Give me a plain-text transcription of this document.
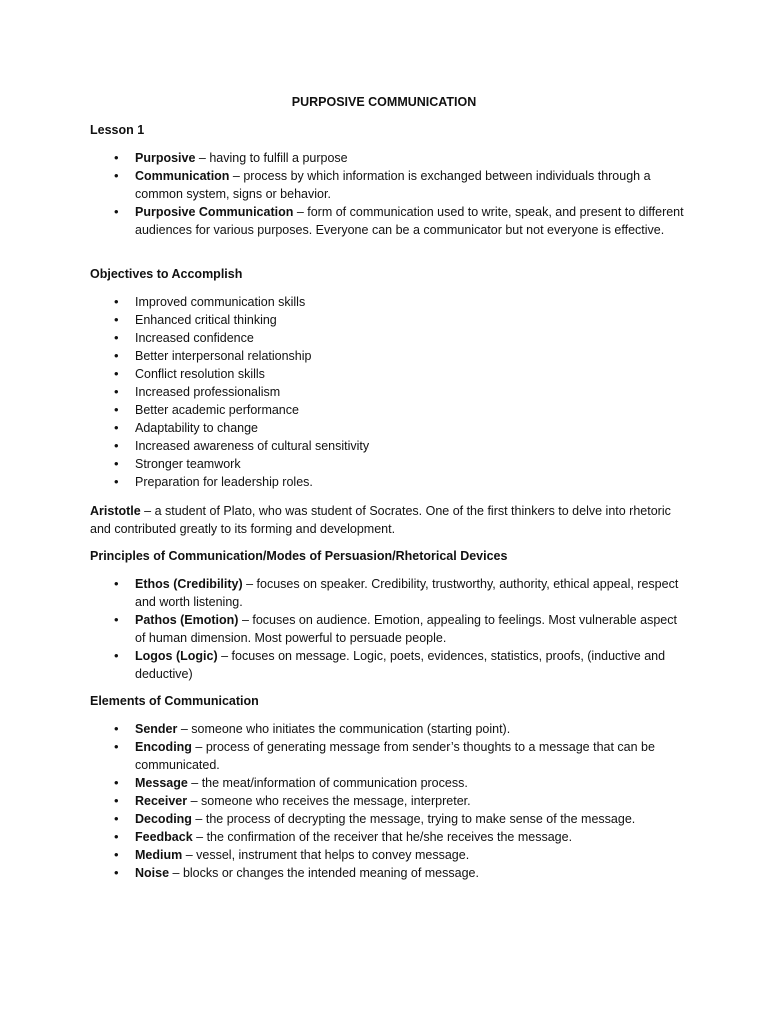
PURPOSIVE COMMUNICATION

Lesson 1

• Purposive – having to fulfill a purpose
• Communication – process by which information is exchanged between individuals through a common system, signs or behavior.
• Purposive Communication – form of communication used to write, speak, and present to different audiences for various purposes. Everyone can be a communicator but not everyone is effective.

Objectives to Accomplish

• Improved communication skills
• Enhanced critical thinking
• Increased confidence
• Better interpersonal relationship
• Conflict resolution skills
• Increased professionalism
• Better academic performance
• Adaptability to change
• Increased awareness of cultural sensitivity
• Stronger teamwork
• Preparation for leadership roles.

Aristotle – a student of Plato, who was student of Socrates. One of the first thinkers to delve into rhetoric and contributed greatly to its forming and development.

Principles of Communication/Modes of Persuasion/Rhetorical Devices

• Ethos (Credibility) – focuses on speaker. Credibility, trustworthy, authority, ethical appeal, respect and worth listening.
• Pathos (Emotion) – focuses on audience. Emotion, appealing to feelings. Most vulnerable aspect of human dimension. Most powerful to persuade people.
• Logos (Logic) – focuses on message. Logic, poets, evidences, statistics, proofs, (inductive and deductive)

Elements of Communication

• Sender – someone who initiates the communication (starting point).
• Encoding – process of generating message from sender’s thoughts to a message that can be communicated.
• Message – the meat/information of communication process.
• Receiver – someone who receives the message, interpreter.
• Decoding – the process of decrypting the message, trying to make sense of the message.
• Feedback – the confirmation of the receiver that he/she receives the message.
• Medium – vessel, instrument that helps to convey message.
• Noise – blocks or changes the intended meaning of message.
